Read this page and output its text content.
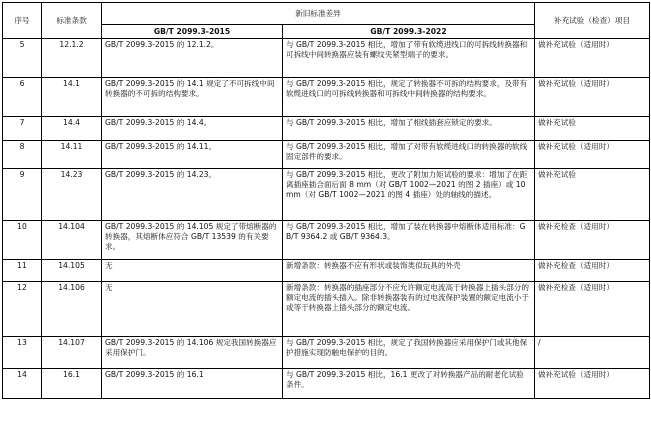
序号	标准条款	新旧标准差异		补充试验（检查）项目
		GB/T 2099.3-2015	GB/T 2099.3-2022	
5	12.1.2	GB/T 2099.3-2015 的 12.1.2。	与 GB/T 2099.3-2015 相比，增加了带有软缆进线口的可拆线转换器和可拆线中间转换器应装有螺纹夹紧型端子的要求。	做补充试验（适用时）
6	14.1	GB/T 2099.3-2015 的 14.1 规定了不可拆线中间转换器的不可拆的结构要求。	与 GB/T 2099.3-2015 相比，规定了转换器不可拆的结构要求，及带有软缆进线口的可拆线转换器和可拆线中间转换器的结构要求。	做补充试验（适用时）
7	14.4	GB/T 2099.3-2015 的 14.4。	与 GB/T 2099.3-2015 相比，增加了相线插套应锁定的要求。	做补充试验
8	14.11	GB/T 2099.3-2015 的 14.11。	与 GB/T 2099.3-2015 相比，增加了对带有软缆进线口的转换器的软线固定部件的要求。	做补充试验（适用时）
9	14.23	GB/T 2099.3-2015 的 14.23。	与 GB/T 2099.3-2015 相比，更改了附加力矩试验的要求：增加了在距离插座插合面后面 8 mm（对 GB/T 1002—2021 的图 2 插座）或 10 mm（对 GB/T 1002—2021 的图 4 插座）处的轴线的描述。	做补充试验
10	14.104	GB/T 2099.3-2015 的 14.105 规定了带熔断器的转换器，其熔断体应符合 GB/T 13539 的有关要求。	与 GB/T 2099.3-2015 相比，增加了装在转换器中熔断体适用标准：GB/T 9364.2 或 GB/T 9364.3。	做补充检查（适用时）
11	14.105	无	新增条款：转换器不应有形状或装饰类似玩具的外壳	做补充检查（适用时）
12	14.106	无	新增条款：转换器的插座部分不应允许额定电流高于转换器上插头部分的额定电流的插头插入。除非转换器装有的过电流保护装置的额定电流小于或等于转换器上插头部分的额定电流。	做补充检查（适用时）
13	14.107	GB/T 2099.3-2015 的 14.106 规定我国转换器应采用保护门。	与 GB/T 2099.3-2015 相比，规定了我国转换器应采用保护门或其他保护措施实现防触电保护的目的。	/
14	16.1	GB/T 2099.3-2015 的 16.1	与 GB/T 2099.3-2015 相比，16.1 更改了对转换器产品的耐老化试验条件。	做补充试验（适用时）
